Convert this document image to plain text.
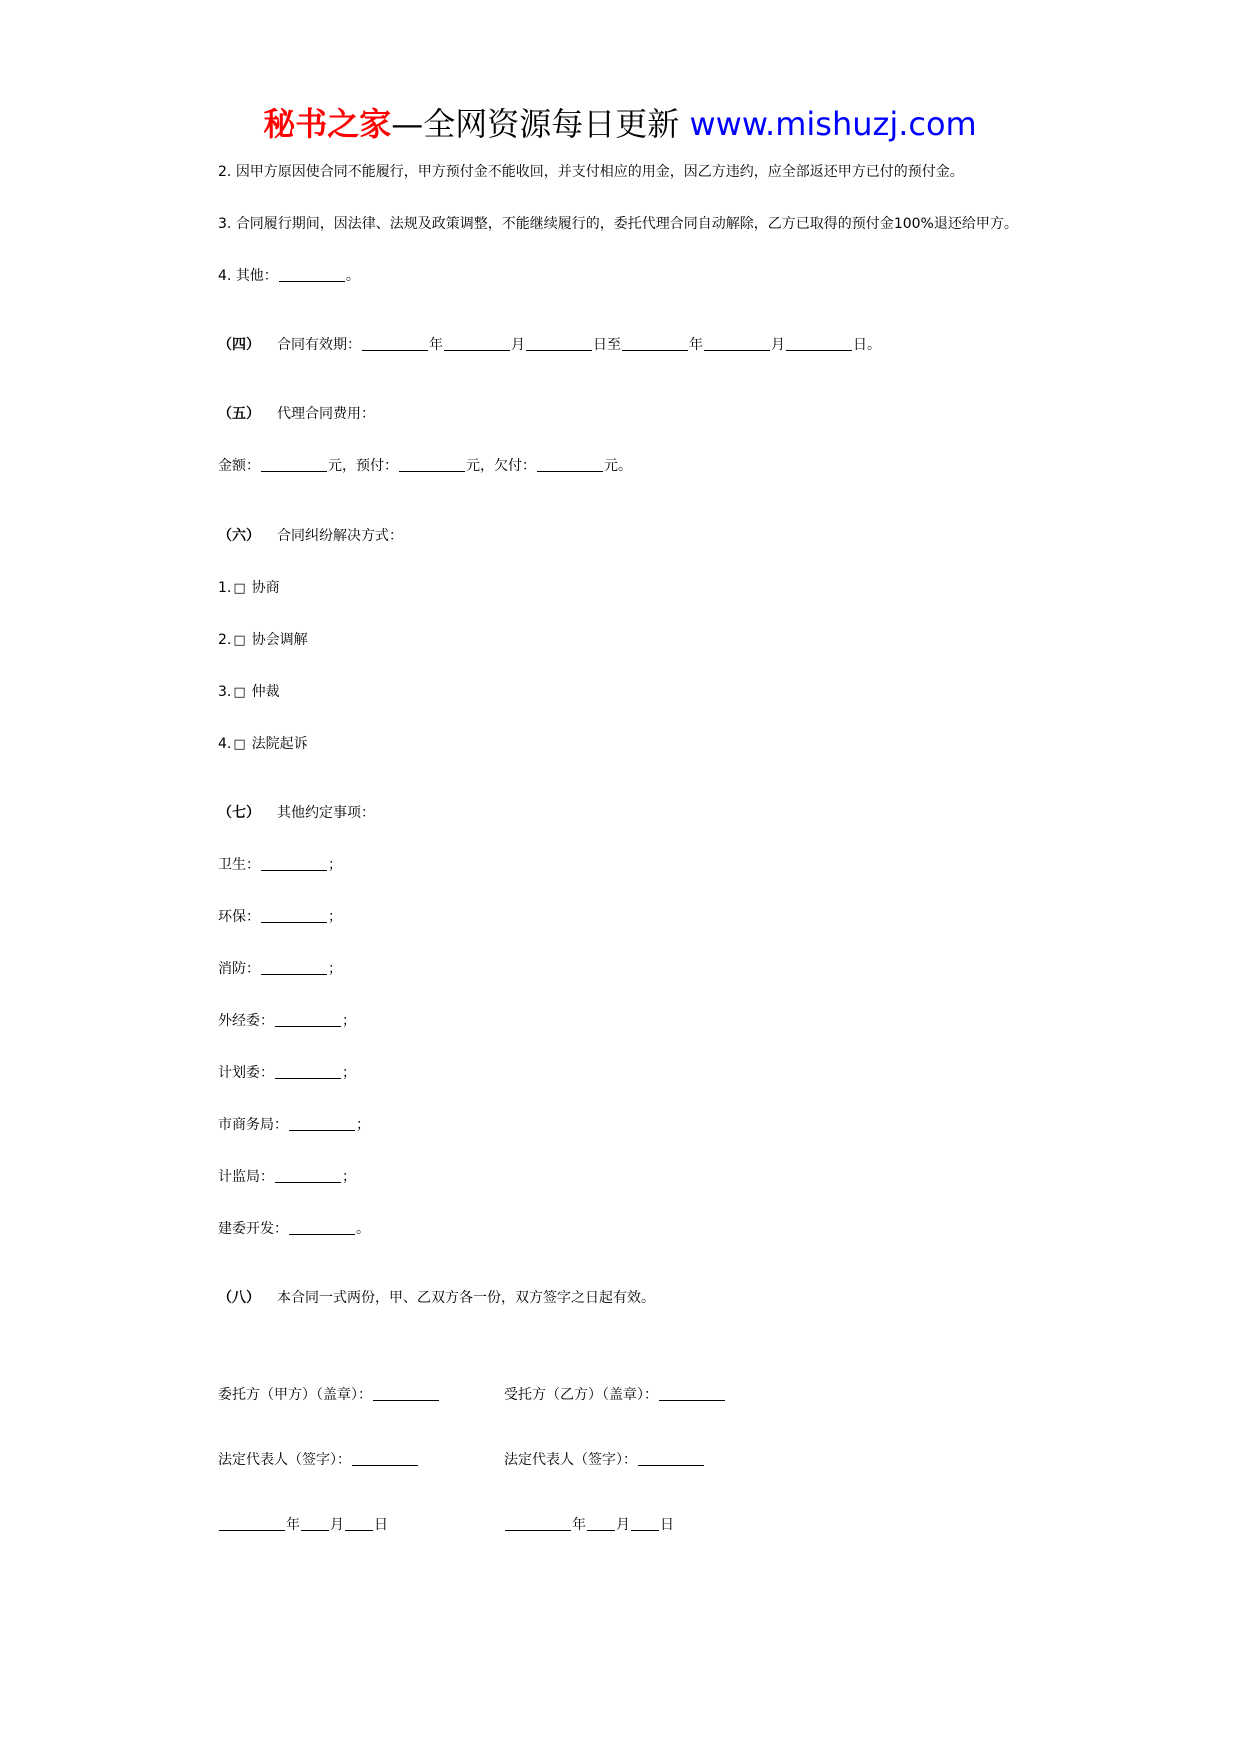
秘书之家—全网资源每日更新 www.mishuzj.com

2. 因甲方原因使合同不能履行，甲方预付金不能收回，并支付相应的用金，因乙方违约，应全部返还甲方已付的预付金。

3. 合同履行期间，因法律、法规及政策调整，不能继续履行的，委托代理合同自动解除，乙方已取得的预付金100%退还给甲方。

4. 其他：	。

（四） 合同有效期：	年	月	日至	年	月	日。

（五） 代理合同费用：

金额：	元，预付：	元，欠付：	元。

（六） 合同纠纷解决方式：

1. □ 协商

2. □ 协会调解

3. □ 仲裁

4. □ 法院起诉

（七） 其他约定事项：

卫生：	；

环保：	；

消防：	；

外经委：	；

计划委：	；

市商务局：	；

计监局：	；

建委开发：	。

（八） 本合同一式两份，甲、乙双方各一份，双方签字之日起有效。

委托方（甲方）（盖章）：	受托方（乙方）（盖章）：
法定代表人（签字）：	法定代表人（签字）：
年 月 日	年 月 日
